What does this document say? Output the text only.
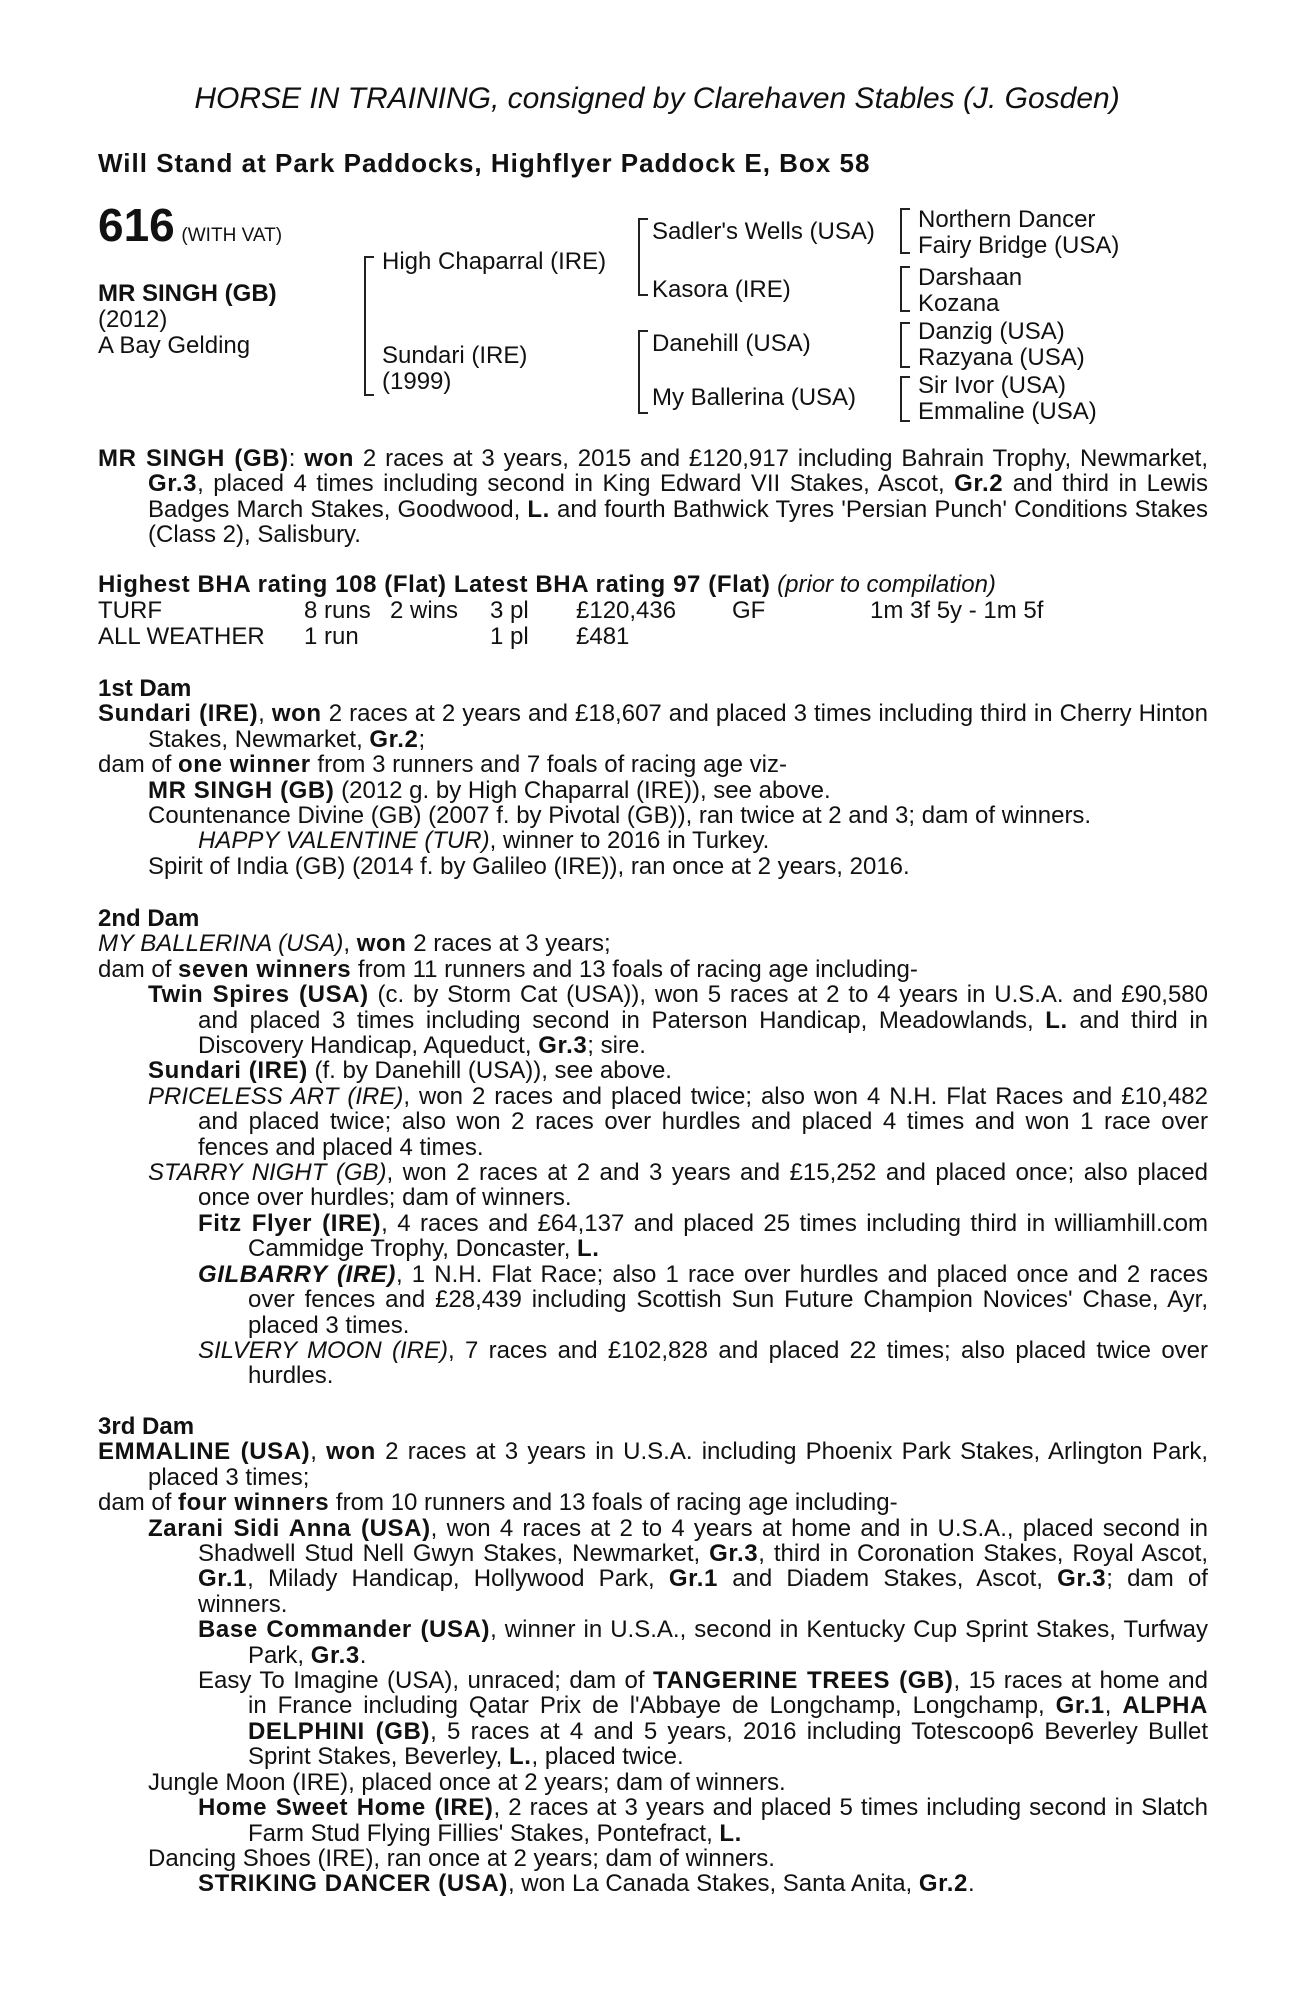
HORSE IN TRAINING, consigned by Clarehaven Stables (J. Gosden)
Will Stand at Park Paddocks, Highflyer Paddock E, Box 58
616 (WITH VAT)
MR SINGH (GB)
(2012)
A Bay Gelding
High Chaparral (IRE)
Sundari (IRE)
(1999)
Sadler's Wells (USA)
Kasora (IRE)
Danehill (USA)
My Ballerina (USA)
Northern Dancer
Fairy Bridge (USA)
Darshaan
Kozana
Danzig (USA)
Razyana (USA)
Sir Ivor (USA)
Emmaline (USA)

MR SINGH (GB): won 2 races at 3 years, 2015 and £120,917 including Bahrain Trophy, Newmarket, Gr.3, placed 4 times including second in King Edward VII Stakes, Ascot, Gr.2 and third in Lewis Badges March Stakes, Goodwood, L. and fourth Bathwick Tyres 'Persian Punch' Conditions Stakes (Class 2), Salisbury.

Highest BHA rating 108 (Flat) Latest BHA rating 97 (Flat) (prior to compilation)

TURF	8 runs	2 wins	3 pl	£120,436	GF	1m 3f 5y - 1m 5f
ALL WEATHER	1 run		1 pl	£481		

1st Dam

Sundari (IRE), won 2 races at 2 years and £18,607 and placed 3 times including third in Cherry Hinton Stakes, Newmarket, Gr.2;

dam of one winner from 3 runners and 7 foals of racing age viz-

MR SINGH (GB) (2012 g. by High Chaparral (IRE)), see above.

Countenance Divine (GB) (2007 f. by Pivotal (GB)), ran twice at 2 and 3; dam of winners.

HAPPY VALENTINE (TUR), winner to 2016 in Turkey.

Spirit of India (GB) (2014 f. by Galileo (IRE)), ran once at 2 years, 2016.

2nd Dam

MY BALLERINA (USA), won 2 races at 3 years;

dam of seven winners from 11 runners and 13 foals of racing age including-

Twin Spires (USA) (c. by Storm Cat (USA)), won 5 races at 2 to 4 years in U.S.A. and £90,580 and placed 3 times including second in Paterson Handicap, Meadowlands, L. and third in Discovery Handicap, Aqueduct, Gr.3; sire.

Sundari (IRE) (f. by Danehill (USA)), see above.

PRICELESS ART (IRE), won 2 races and placed twice; also won 4 N.H. Flat Races and £10,482 and placed twice; also won 2 races over hurdles and placed 4 times and won 1 race over fences and placed 4 times.

STARRY NIGHT (GB), won 2 races at 2 and 3 years and £15,252 and placed once; also placed once over hurdles; dam of winners.

Fitz Flyer (IRE), 4 races and £64,137 and placed 25 times including third in williamhill.com Cammidge Trophy, Doncaster, L.

GILBARRY (IRE), 1 N.H. Flat Race; also 1 race over hurdles and placed once and 2 races over fences and £28,439 including Scottish Sun Future Champion Novices' Chase, Ayr, placed 3 times.

SILVERY MOON (IRE), 7 races and £102,828 and placed 22 times; also placed twice over hurdles.

3rd Dam

EMMALINE (USA), won 2 races at 3 years in U.S.A. including Phoenix Park Stakes, Arlington Park, placed 3 times;

dam of four winners from 10 runners and 13 foals of racing age including-

Zarani Sidi Anna (USA), won 4 races at 2 to 4 years at home and in U.S.A., placed second in Shadwell Stud Nell Gwyn Stakes, Newmarket, Gr.3, third in Coronation Stakes, Royal Ascot, Gr.1, Milady Handicap, Hollywood Park, Gr.1 and Diadem Stakes, Ascot, Gr.3; dam of winners.

Base Commander (USA), winner in U.S.A., second in Kentucky Cup Sprint Stakes, Turfway Park, Gr.3.

Easy To Imagine (USA), unraced; dam of TANGERINE TREES (GB), 15 races at home and in France including Qatar Prix de l'Abbaye de Longchamp, Longchamp, Gr.1, ALPHA DELPHINI (GB), 5 races at 4 and 5 years, 2016 including Totescoop6 Beverley Bullet Sprint Stakes, Beverley, L., placed twice.

Jungle Moon (IRE), placed once at 2 years; dam of winners.

Home Sweet Home (IRE), 2 races at 3 years and placed 5 times including second in Slatch Farm Stud Flying Fillies' Stakes, Pontefract, L.

Dancing Shoes (IRE), ran once at 2 years; dam of winners.

STRIKING DANCER (USA), won La Canada Stakes, Santa Anita, Gr.2.
